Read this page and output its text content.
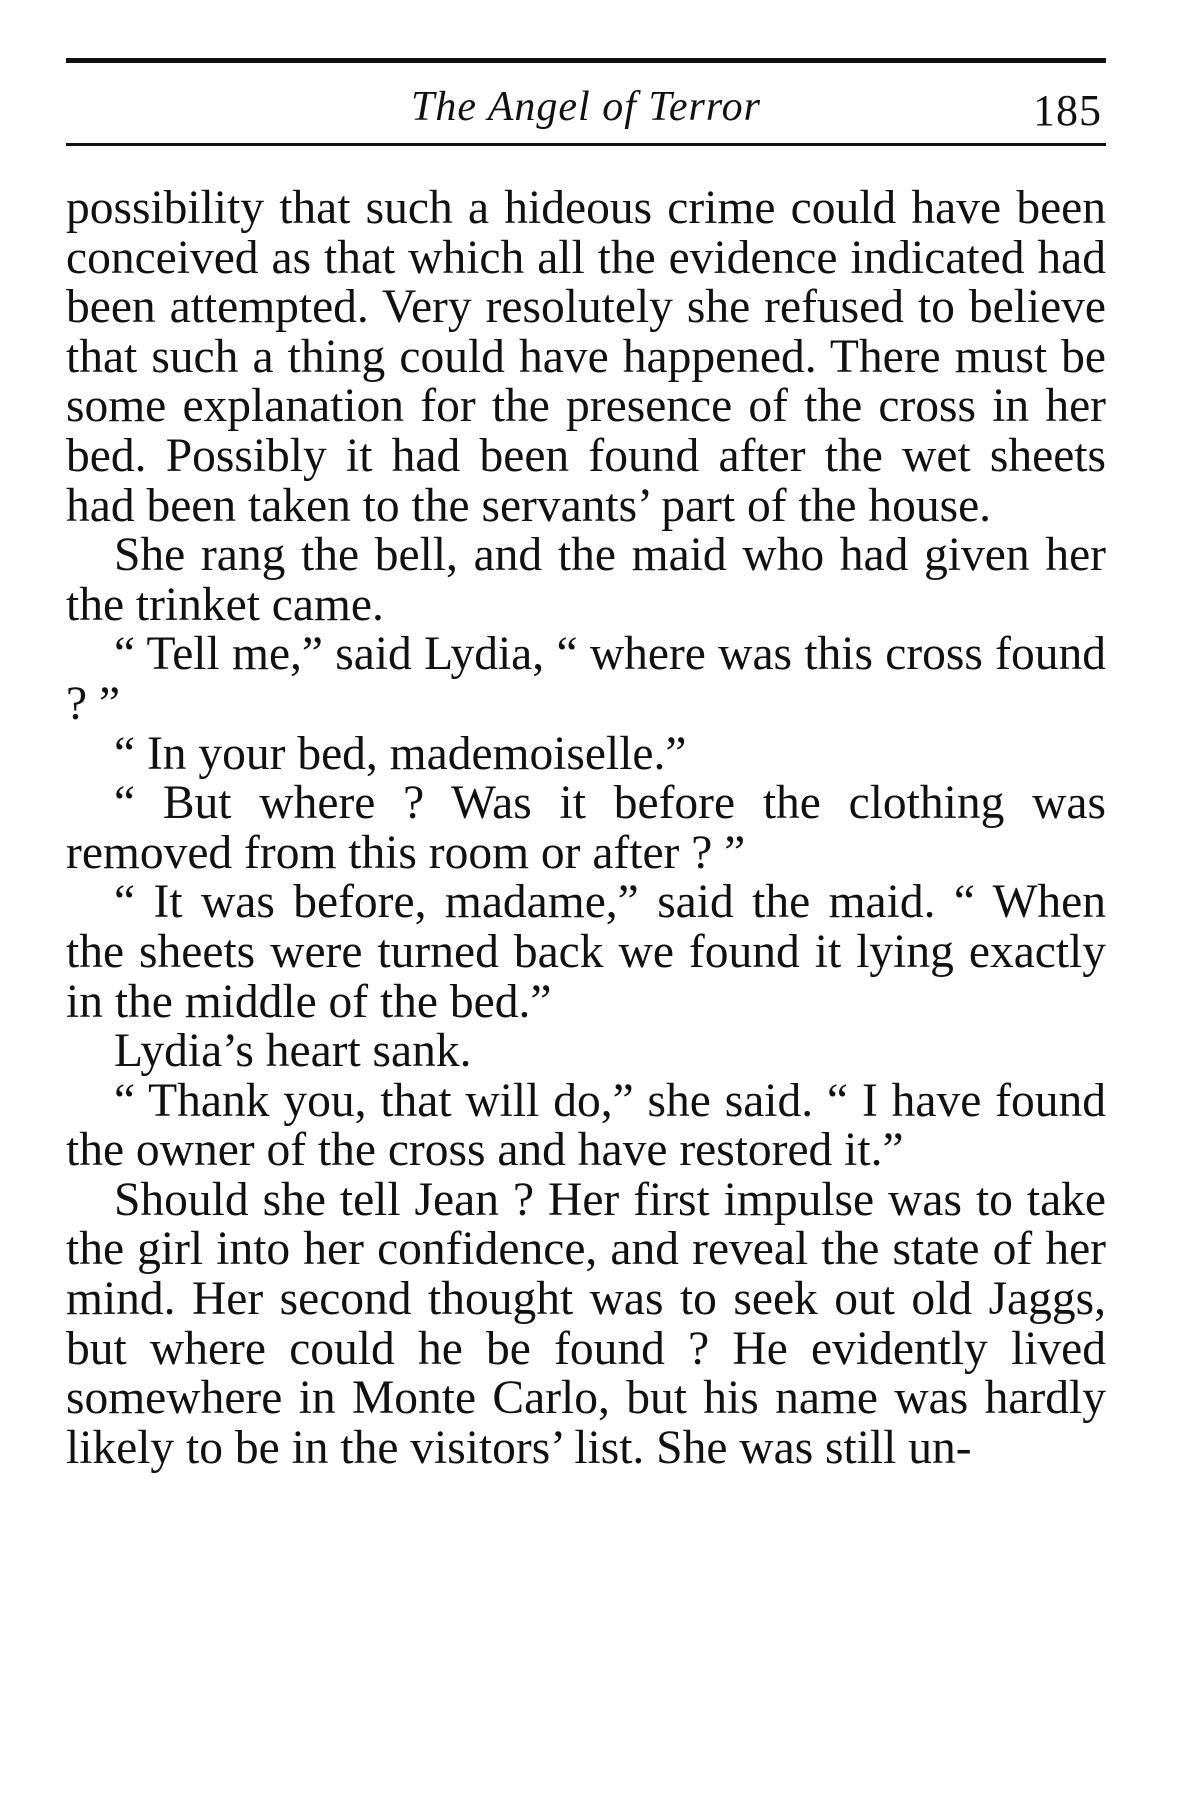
The Angel of Terror	185

possibility that such a hideous crime could have been conceived as that which all the evidence indicated had been attempted. Very resolutely she refused to believe that such a thing could have happened. There must be some explanation for the presence of the cross in her bed. Possibly it had been found after the wet sheets had been taken to the servants’ part of the house.

She rang the bell, and the maid who had given her the trinket came.

“ Tell me,” said Lydia, “ where was this cross found ? ”

“ In your bed, mademoiselle.”

“ But where ? Was it before the clothing was removed from this room or after ? ”

“ It was before, madame,” said the maid. “ When the sheets were turned back we found it lying exactly in the middle of the bed.”

Lydia’s heart sank.

“ Thank you, that will do,” she said. “ I have found the owner of the cross and have restored it.”

Should she tell Jean ? Her first impulse was to take the girl into her confidence, and reveal the state of her mind. Her second thought was to seek out old Jaggs, but where could he be found ? He evidently lived somewhere in Monte Carlo, but his name was hardly likely to be in the visitors’ list. She was still un-
